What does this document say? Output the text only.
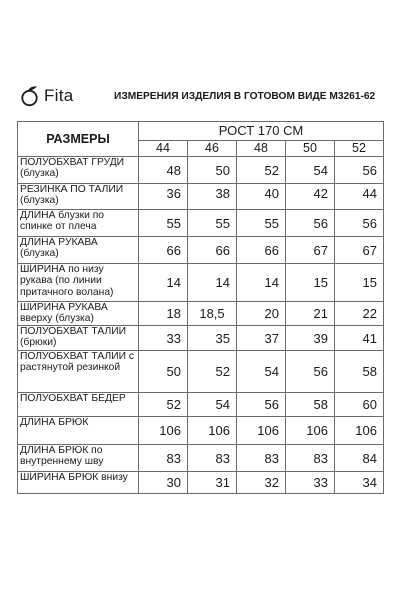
Fita	ИЗМЕРЕНИЯ ИЗДЕЛИЯ В ГОТОВОМ ВИДЕ М3261-62
РАЗМЕРЫ	РОСТ 170 СМ				
	44	46	48	50	52
ПОЛУОБХВАТ ГРУДИ (блузка)	48	50	52	54	56
РЕЗИНКА ПО ТАЛИИ (блузка)	36	38	40	42	44
ДЛИНА блузки по спинке от плеча	55	55	55	56	56
ДЛИНА РУКАВА (блузка)	66	66	66	67	67
ШИРИНА по низу рукава (по линии притачного волана)	14	14	14	15	15
ШИРИНА РУКАВА вверху (блузка)	18	18,5	20	21	22
ПОЛУОБХВАТ ТАЛИИ (брюки)	33	35	37	39	41
ПОЛУОБХВАТ ТАЛИИ с растянутой резинкой	50	52	54	56	58
ПОЛУОБХВАТ БЕДЕР	52	54	56	58	60
ДЛИНА БРЮК	106	106	106	106	106
ДЛИНА БРЮК по внутреннему шву	83	83	83	83	84
ШИРИНА БРЮК внизу	30	31	32	33	34
